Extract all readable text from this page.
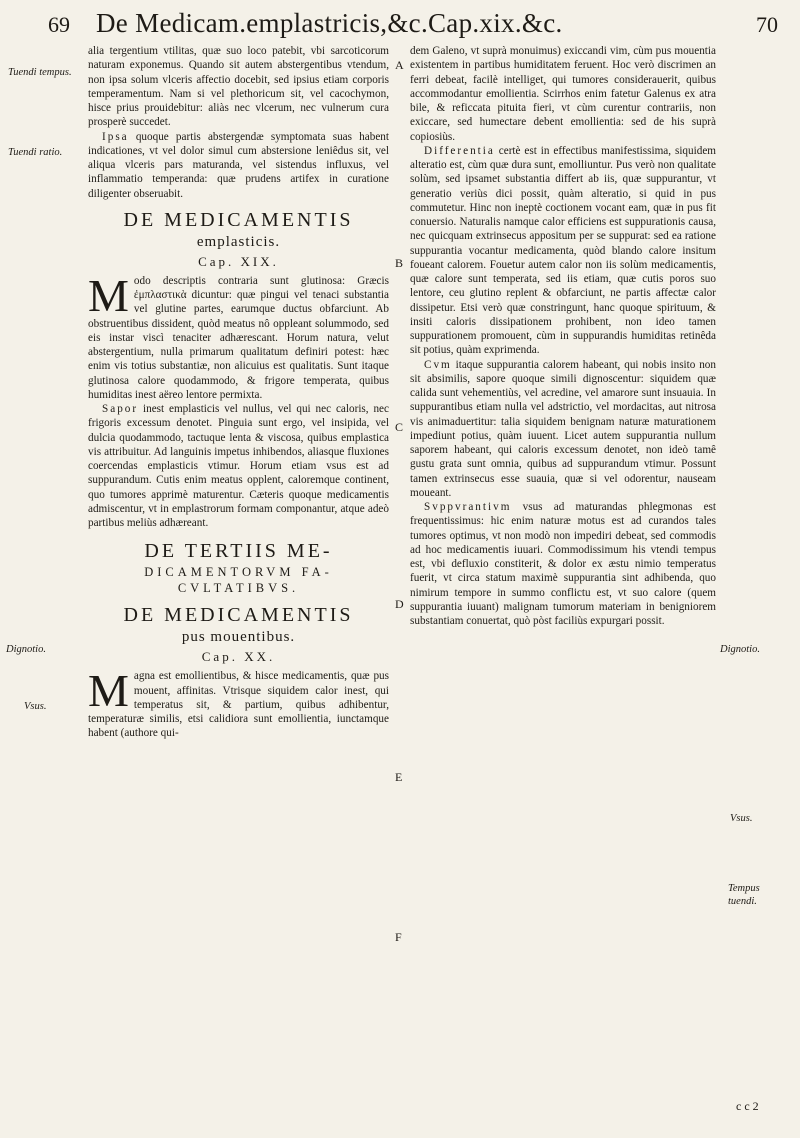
69 De Medicam.emplastricis,&c.Cap.xix.&c.	70
Tuendi tempus.
Tuendi ratio.
Dignotio.
Vsus.
Dignotio.
Vsus.
Tempus tuendi.
A
B
C
D
E
F

alia tergentium vtilitas, quæ suo loco patebit, vbi sarcoticorum naturam exponemus. Quando sit autem abstergentibus vtendum, non ipsa solum vlceris affectio docebit, sed ipsius etiam corporis temperamentum. Nam si vel plethoricum sit, vel cacochymon, hisce prius prouidebitur: aliàs nec vlcerum, nec vulnerum cura prosperè succedet.

Ipsa quoque partis abstergendæ symptomata suas habent indicationes, vt vel dolor simul cum abstersione leniêdus sit, vel aliqua vlceris pars maturanda, vel sistendus influxus, vel inflammatio temperanda: quæ prudens artifex in curatione diligenter obseruabit.

DE MEDICAMENTIS
emplasticis.
Cap. XIX.

Modo descriptis contraria sunt glutinosa: Græcis ἐμπλαστικὰ dicuntur: quæ pingui vel tenaci substantia vel glutine partes, earumque ductus obfarciunt. Ab obstruentibus dissident, quòd meatus nô oppleant solummodo, sed eis instar viscì tenaciter adhærescant. Horum natura, velut abstergentium, nulla primarum qualitatum definiri potest: hæc enim vis totius substantiæ, non alicuius est qualitatis. Sunt itaque glutinosa calore quodammodo, & frigore temperata, quibus humiditas inest aëreo lentore permixta.

Sapor inest emplasticis vel nullus, vel qui nec caloris, nec frigoris excessum denotet. Pinguia sunt ergo, vel insipida, vel dulcia quodammodo, tactuque lenta & viscosa, quibus emplastica vis attribuitur. Ad languinis impetus inhibendos, aliasque fluxiones coercendas emplasticis vtimur. Horum etiam vsus est ad suppurandum. Cutis enim meatus opplent, caloremque continent, quo tumores apprimè maturentur. Cæteris quoque medicamentis admiscentur, vt in emplastrorum formam componantur, atque adeò partibus meliùs adhæreant.

DE TERTIIS ME-
DICAMENTORVM FA-
CVLTATIBVS.
DE MEDICAMENTIS
pus mouentibus.
Cap. XX.

Magna est emollientibus, & hisce medicamentis, quæ pus mouent, affinitas. Vtrisque siquidem calor inest, qui temperatus sit, & partium, quibus adhibentur, temperaturæ similis, etsi calidiora sunt emollientia, iunctamque habent (authore qui-

dem Galeno, vt suprà monuimus) exiccandi vim, cùm pus mouentia existentem in partibus humiditatem feruent. Hoc verò discrimen an ferri debeat, facilè intelliget, qui tumores considerauerit, quibus accommodantur emollientia. Scirrhos enim fatetur Galenus ex atra bile, & reficcata pituita fieri, vt cùm curentur contrariis, non exiccare, sed humectare debent emollientia: sed de his suprà copiosiùs.

Differentia certè est in effectibus manifestissima, siquidem alteratio est, cùm quæ dura sunt, emolliuntur. Pus verò non qualitate solùm, sed ipsamet substantia differt ab iis, quæ suppurantur, vt generatio veriùs dici possit, quàm alteratio, si quid in pus commutetur. Hinc non ineptè coctionem vocant eam, quæ in pus fit conuersio. Naturalis namque calor efficiens est suppurationis causa, nec quicquam extrinsecus appositum per se suppurat: sed ea ratione suppurantia vocantur medicamenta, quòd blando calore insitum foueant calorem. Fouetur autem calor non iis solùm medicamentis, quæ calore sunt temperata, sed iis etiam, quæ cutis poros suo lentore, ceu glutino replent & obfarciunt, ne partis affectæ calor dissipetur. Etsi verò quæ constringunt, hanc quoque spirituum, & insiti caloris dissipationem prohibent, non ideo tamen suppurationem promouent, cùm in suppurandis humiditas retinêda sit potius, quàm exprimenda.

Cvm itaque suppurantia calorem habeant, qui nobis insito non sit absimilis, sapore quoque simili dignoscentur: siquidem quæ calida sunt vehementiùs, vel acredine, vel amarore sunt insuauia. In suppurantibus etiam nulla vel adstrictio, vel mordacitas, aut nitrosa vis animaduertitur: talia siquidem benignam naturæ maturationem impediunt potius, quàm iuuent. Licet autem suppurantia nullum saporem habeant, qui caloris excessum denotet, non ideò tamê gustu grata sunt omnia, quibus ad suppurandum vtimur. Possunt tamen extrinsecus esse suauia, quæ si vel odorentur, nauseam moueant.

Svppvrantivm vsus ad maturandas phlegmonas est frequentissimus: hic enim naturæ motus est ad curandos tales tumores optimus, vt non modò non impediri debeat, sed commodis ad hoc medicamentis iuuari. Commodissimum his vtendi tempus est, vbi defluxio constiterit, & dolor ex æstu nimio temperatus fuerit, vt circa statum maximè suppurantia sint adhibenda, quo nimirum tempore in summo conflictu est, vt suo calore (quem suppurantia iuuant) malignam tumorum materiam in benigniorem substantiam conuertat, quò pòst faciliùs expurgari possit.

c c 2
